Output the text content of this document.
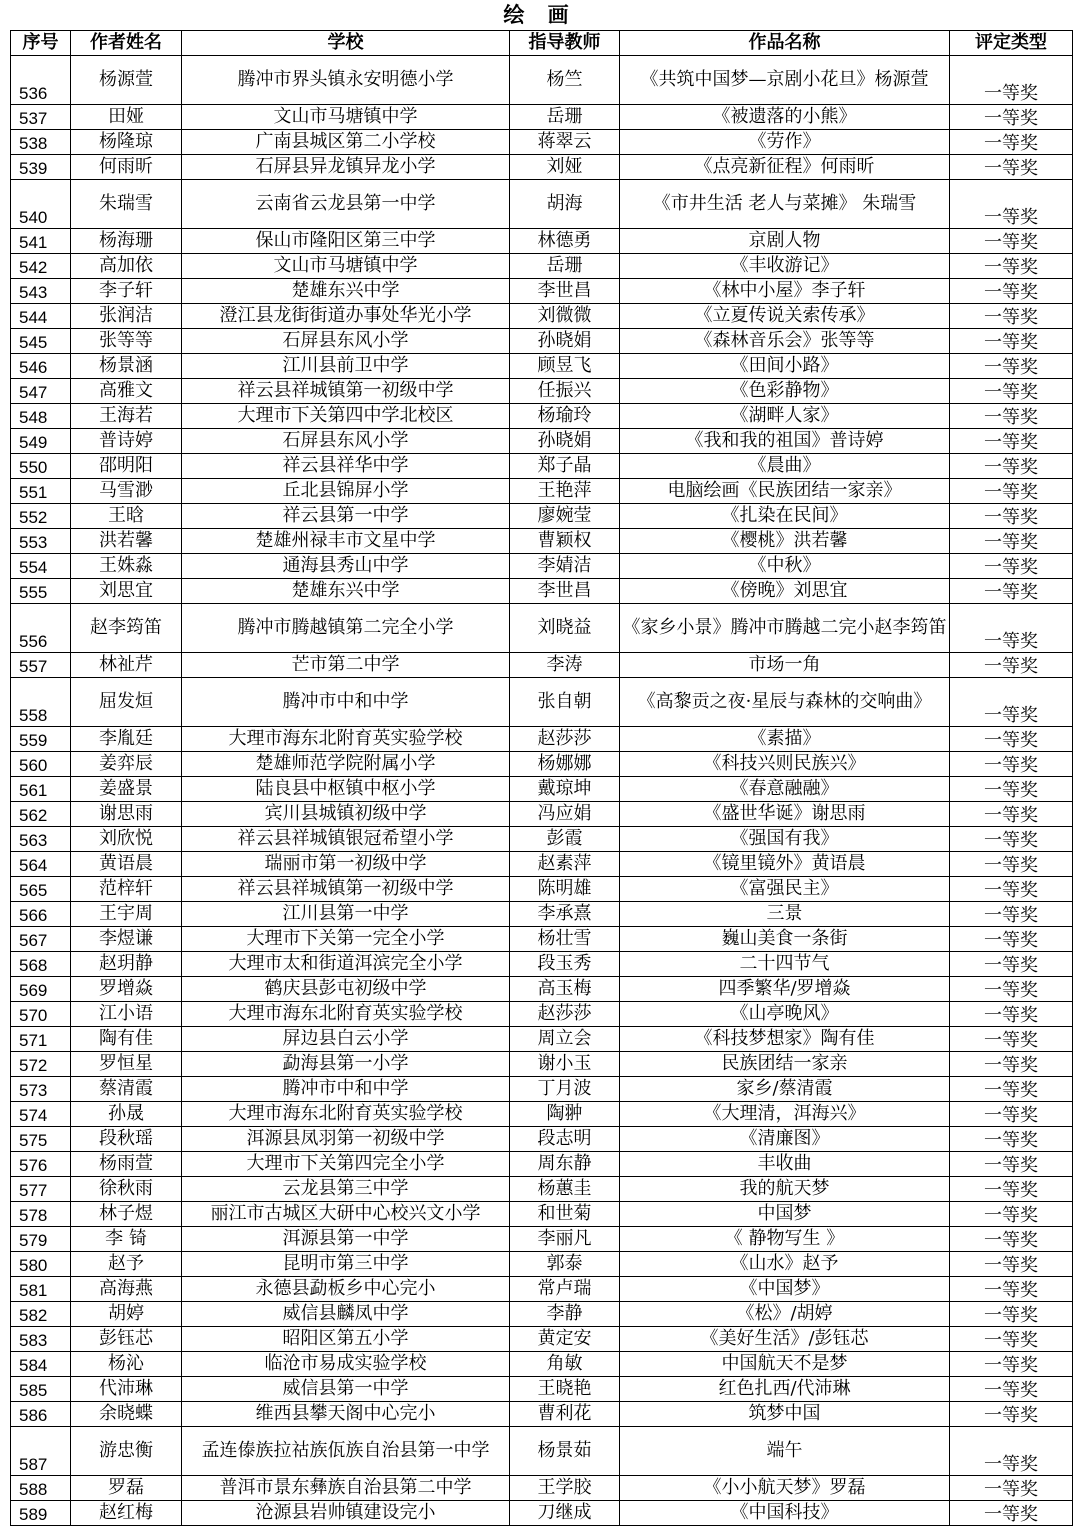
绘 画
序号	作者姓名	学校	指导教师	作品名称	评定类型
536	杨源萱	腾冲市界头镇永安明德小学	杨竺	《共筑中国梦—京剧小花旦》杨源萱	一等奖
537	田娅	文山市马塘镇中学	岳珊	《被遗落的小熊》	一等奖
538	杨隆琼	广南县城区第二小学校	蒋翠云	《劳作》	一等奖
539	何雨昕	石屏县异龙镇异龙小学	刘娅	《点亮新征程》何雨昕	一等奖
540	朱瑞雪	云南省云龙县第一中学	胡海	《市井生活 老人与菜摊》 朱瑞雪	一等奖
541	杨海珊	保山市隆阳区第三中学	林德勇	京剧人物	一等奖
542	高加依	文山市马塘镇中学	岳珊	《丰收游记》	一等奖
543	李子轩	楚雄东兴中学	李世昌	《林中小屋》李子轩	一等奖
544	张润洁	澄江县龙街街道办事处华光小学	刘微微	《立夏传说关索传承》	一等奖
545	张等等	石屏县东风小学	孙晓娟	《森林音乐会》张等等	一等奖
546	杨景涵	江川县前卫中学	顾昱飞	《田间小路》	一等奖
547	高雅文	祥云县祥城镇第一初级中学	任振兴	《色彩静物》	一等奖
548	王海若	大理市下关第四中学北校区	杨瑜玲	《湖畔人家》	一等奖
549	普诗婷	石屏县东风小学	孙晓娟	《我和我的祖国》普诗婷	一等奖
550	邵明阳	祥云县祥华中学	郑子晶	《晨曲》	一等奖
551	马雪渺	丘北县锦屏小学	王艳萍	电脑绘画《民族团结一家亲》	一等奖
552	王晗	祥云县第一中学	廖婉莹	《扎染在民间》	一等奖
553	洪若馨	楚雄州禄丰市文星中学	曹颖权	《樱桃》洪若馨	一等奖
554	王姝淼	通海县秀山中学	李婧洁	《中秋》	一等奖
555	刘思宜	楚雄东兴中学	李世昌	《傍晚》刘思宜	一等奖
556	赵李筠笛	腾冲市腾越镇第二完全小学	刘晓益	《家乡小景》腾冲市腾越二完小赵李筠笛	一等奖
557	林祉芹	芒市第二中学	李涛	市场一角	一等奖
558	屈发烜	腾冲市中和中学	张自朝	《高黎贡之夜·星辰与森林的交响曲》	一等奖
559	李胤廷	大理市海东北附育英实验学校	赵莎莎	《素描》	一等奖
560	姜弈辰	楚雄师范学院附属小学	杨娜娜	《科技兴则民族兴》	一等奖
561	姜盛景	陆良县中枢镇中枢小学	戴琼坤	《春意融融》	一等奖
562	谢思雨	宾川县城镇初级中学	冯应娟	《盛世华诞》谢思雨	一等奖
563	刘欣悦	祥云县祥城镇银冠希望小学	彭霞	《强国有我》	一等奖
564	黄语晨	瑞丽市第一初级中学	赵素萍	《镜里镜外》黄语晨	一等奖
565	范梓轩	祥云县祥城镇第一初级中学	陈明雄	《富强民主》	一等奖
566	王宇周	江川县第一中学	李承熹	三景	一等奖
567	李煜谦	大理市下关第一完全小学	杨壮雪	巍山美食一条街	一等奖
568	赵玥静	大理市太和街道洱滨完全小学	段玉秀	二十四节气	一等奖
569	罗增焱	鹤庆县彭屯初级中学	高玉梅	四季繁华/罗增焱	一等奖
570	江小语	大理市海东北附育英实验学校	赵莎莎	《山亭晚风》	一等奖
571	陶有佳	屏边县白云小学	周立会	《科技梦想家》陶有佳	一等奖
572	罗恒星	勐海县第一小学	谢小玉	民族团结一家亲	一等奖
573	蔡清霞	腾冲市中和中学	丁月波	家乡/蔡清霞	一等奖
574	孙晟	大理市海东北附育英实验学校	陶翀	《大理清，洱海兴》	一等奖
575	段秋瑶	洱源县凤羽第一初级中学	段志明	《清廉图》	一等奖
576	杨雨萱	大理市下关第四完全小学	周东静	丰收曲	一等奖
577	徐秋雨	云龙县第三中学	杨蕙圭	我的航天梦	一等奖
578	林子煜	丽江市古城区大研中心校兴文小学	和世菊	中国梦	一等奖
579	李 锜	洱源县第一中学	李丽凡	《 静物写生 》	一等奖
580	赵予	昆明市第三中学	郭泰	《山水》赵予	一等奖
581	高海燕	永德县勐板乡中心完小	常卢瑞	《中国梦》	一等奖
582	胡婷	威信县麟凤中学	李静	《松》/胡婷	一等奖
583	彭钰芯	昭阳区第五小学	黄定安	《美好生活》/彭钰芯	一等奖
584	杨沁	临沧市易成实验学校	角敏	中国航天不是梦	一等奖
585	代沛琳	威信县第一中学	王晓艳	红色扎西/代沛琳	一等奖
586	余晓蝶	维西县攀天阁中心完小	曹利花	筑梦中国	一等奖
587	游忠衡	孟连傣族拉祜族佤族自治县第一中学	杨景茹	端午	一等奖
588	罗磊	普洱市景东彝族自治县第二中学	王学胶	《小小航天梦》罗磊	一等奖
589	赵红梅	沧源县岩帅镇建设完小	刀继成	《中国科技》	一等奖
